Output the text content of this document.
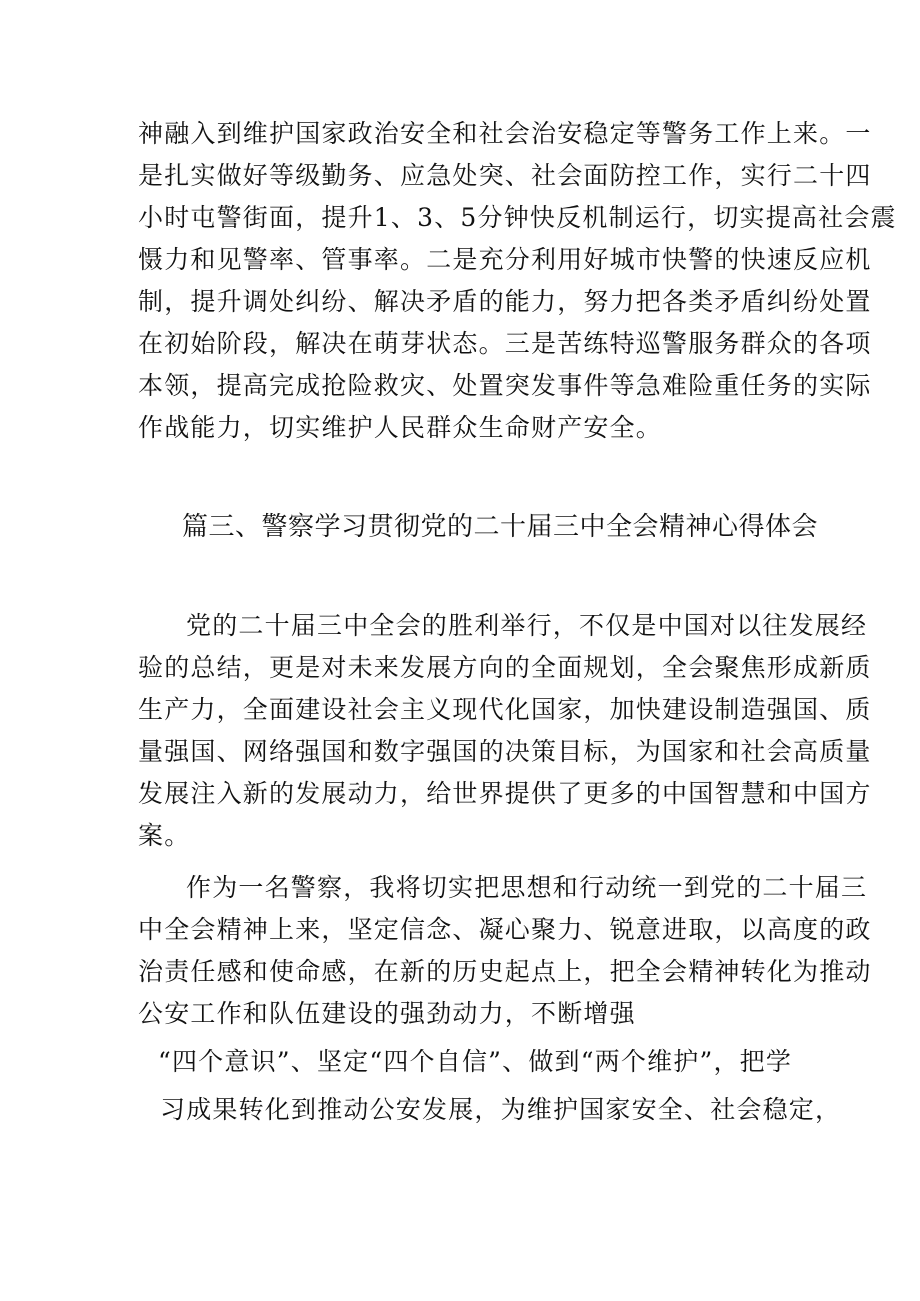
神融入到维护国家政治安全和社会治安稳定等警务工作上来。一
是扎实做好等级勤务、应急处突、社会面防控工作，实行二十四
小时屯警街面，提升1、3、5分钟快反机制运行，切实提高社会震
慑力和见警率、管事率。二是充分利用好城市快警的快速反应机
制，提升调处纠纷、解决矛盾的能力，努力把各类矛盾纠纷处置
在初始阶段，解决在萌芽状态。三是苦练特巡警服务群众的各项
本领，提高完成抢险救灾、处置突发事件等急难险重任务的实际
作战能力，切实维护人民群众生命财产安全。
篇三、警察学习贯彻党的二十届三中全会精神心得体会
党的二十届三中全会的胜利举行，不仅是中国对以往发展经
验的总结，更是对未来发展方向的全面规划，全会聚焦形成新质
生产力，全面建设社会主义现代化国家，加快建设制造强国、质
量强国、网络强国和数字强国的决策目标，为国家和社会高质量
发展注入新的发展动力，给世界提供了更多的中国智慧和中国方
案。
作为一名警察，我将切实把思想和行动统一到党的二十届三
中全会精神上来，坚定信念、凝心聚力、锐意进取，以高度的政
治责任感和使命感，在新的历史起点上，把全会精神转化为推动
公安工作和队伍建设的强劲动力，不断增强
“四个意识”、坚定“四个自信”、做到“两个维护”，把学
习成果转化到推动公安发展，为维护国家安全、社会稳定，
